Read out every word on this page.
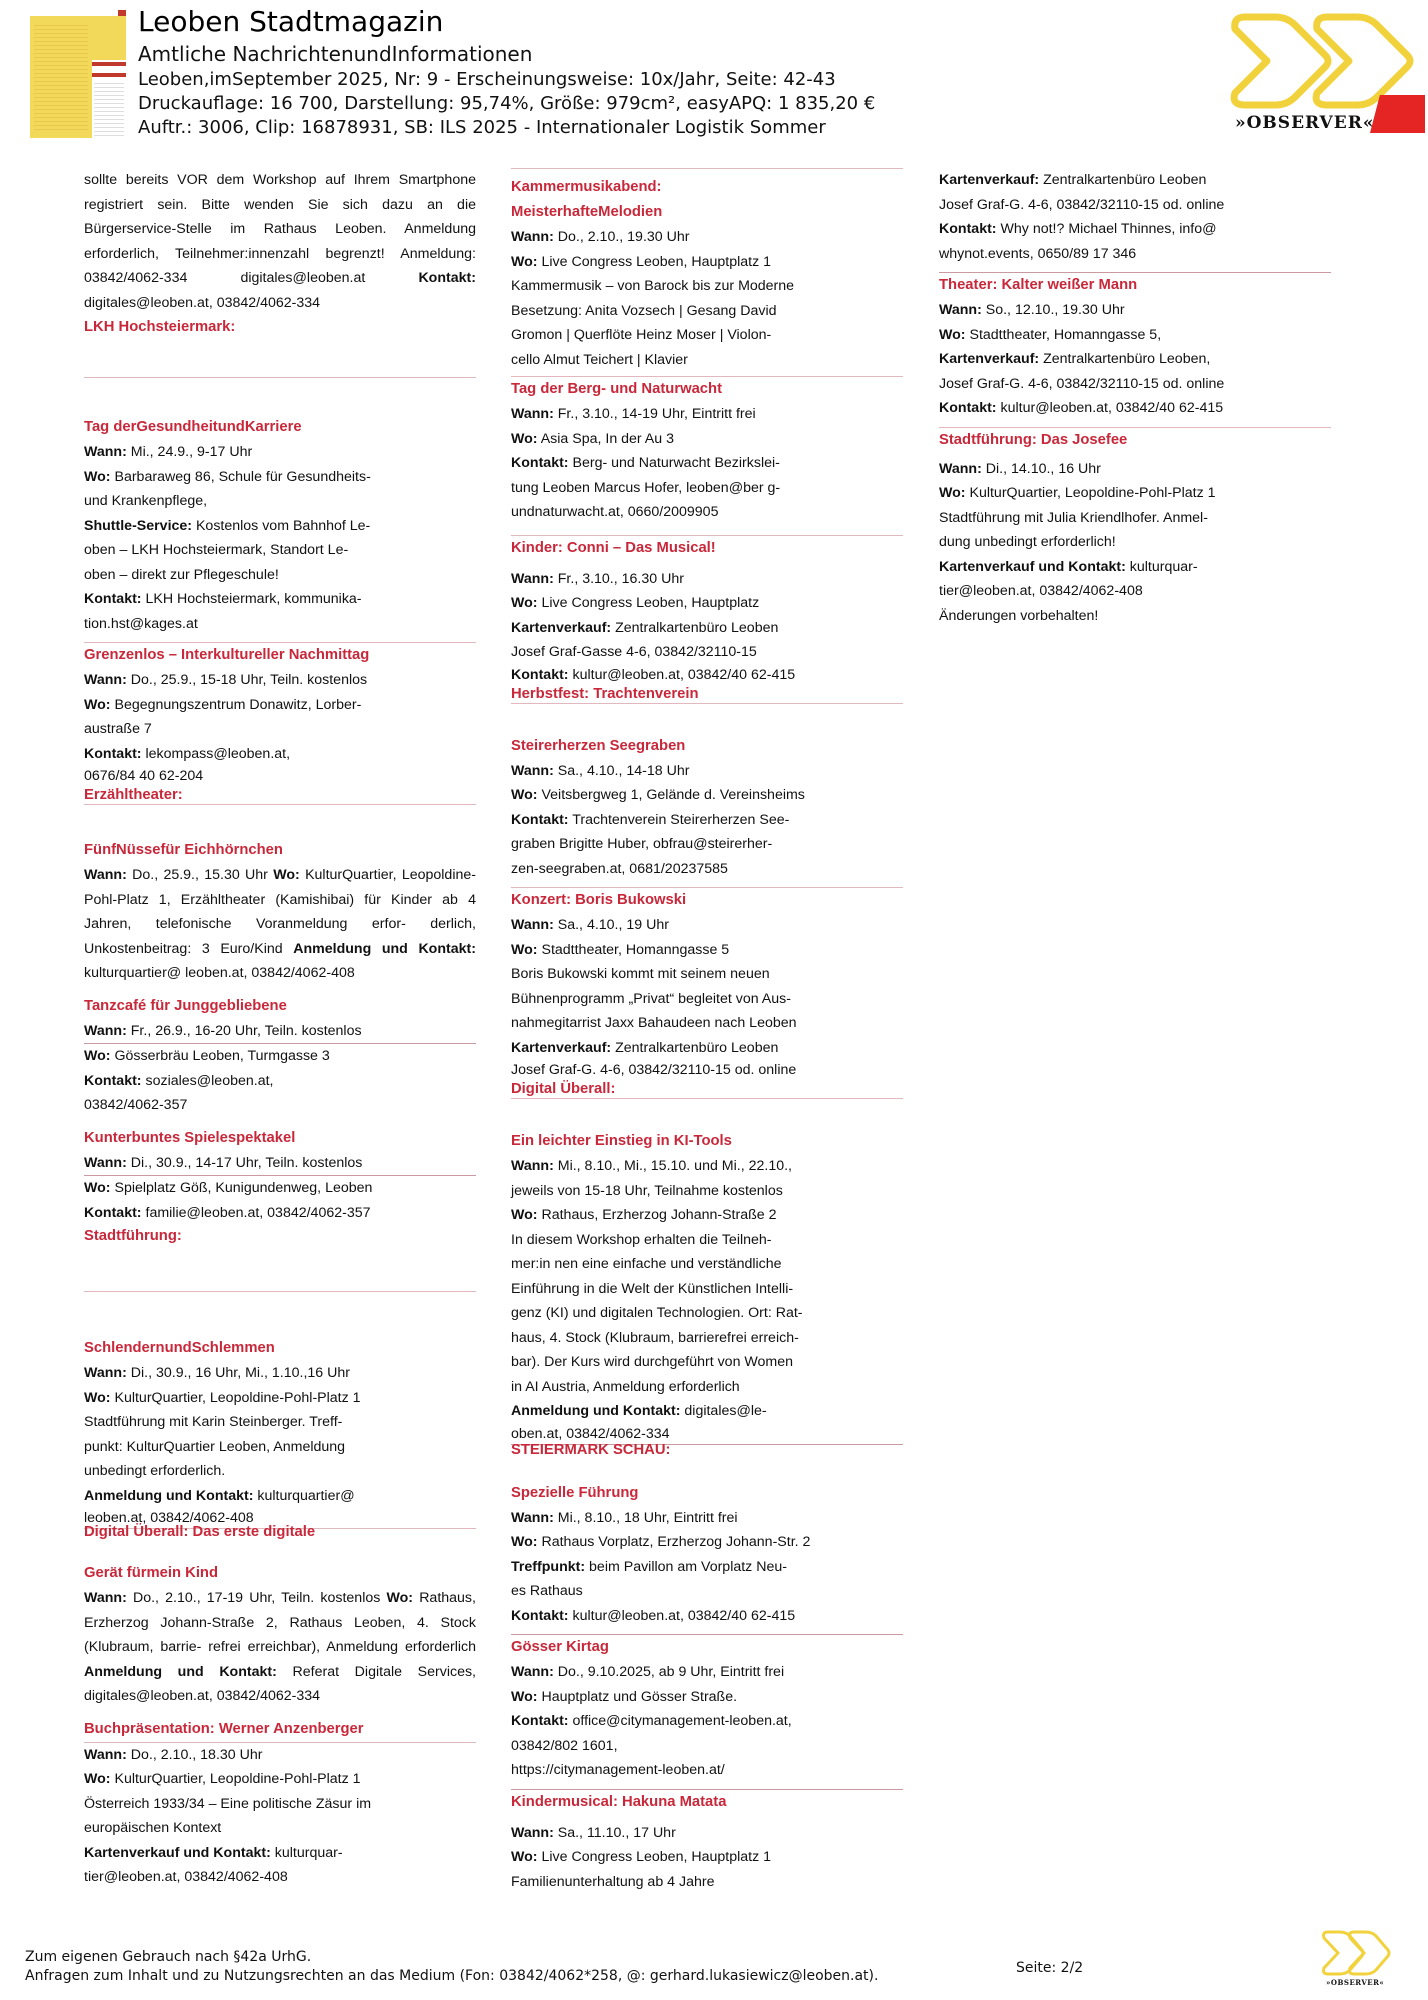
Leoben Stadtmagazin
Amtliche NachrichtenundInformationen
Leoben,imSeptember 2025, Nr: 9 - Erscheinungsweise: 10x/Jahr, Seite: 42-43
Druckauflage: 16 700, Darstellung: 95,74%, Größe: 979cm², easyAPQ: 1 835,20 €
Auftr.: 3006, Clip: 16878931, SB: ILS 2025 - Internationaler Logistik Sommer	»OBSERVER«
sollte bereits VOR dem Workshop auf Ihrem Smartphone registriert sein. Bitte wenden Sie sich dazu an die Bürgerservice-Stelle im Rathaus Leoben. Anmeldung erforderlich, Teilnehmer:innenzahl begrenzt! Anmeldung: 03842/4062-334 digitales@leoben.at	Kontakt:
digitales@leoben.at, 03842/4062-334
LKH Hochsteiermark:
Tag derGesundheitundKarriere
Wann: Mi., 24.9., 9-17 Uhr
Wo: Barbaraweg 86, Schule für Gesundheits-
und Krankenpflege,
Shuttle-Service: Kostenlos vom Bahnhof Le-
oben – LKH Hochsteiermark, Standort Le-
oben – direkt zur Pflegeschule!
Kontakt: LKH Hochsteiermark, kommunika-
tion.hst@kages.at
Grenzenlos – Interkultureller Nachmittag
Wann: Do., 25.9., 15-18 Uhr, Teiln. kostenlos
Wo: Begegnungszentrum Donawitz, Lorber-
austraße 7
Kontakt: lekompass@leoben.at,
0676/84 40 62-204
Erzähltheater:
FünfNüssefür Eichhörnchen
Wann: Do., 25.9., 15.30 Uhr Wo: KulturQuartier, Leopoldine-Pohl-Platz 1, Erzähltheater (Kamishibai) für Kinder ab 4 Jahren, telefonische Voranmeldung erfor- derlich, Unkostenbeitrag: 3 Euro/Kind Anmeldung und Kontakt: kulturquartier@ leoben.at, 03842/4062-408
Tanzcafé für Junggebliebene
Wann: Fr., 26.9., 16-20 Uhr, Teiln. kostenlos
Wo: Gösserbräu Leoben, Turmgasse 3
Kontakt: soziales@leoben.at,
03842/4062-357
Kunterbuntes Spielespektakel
Wann: Di., 30.9., 14-17 Uhr, Teiln. kostenlos
Wo: Spielplatz Göß, Kunigundenweg, Leoben
Kontakt: familie@leoben.at, 03842/4062-357
Stadtführung:
SchlendernundSchlemmen
Wann: Di., 30.9., 16 Uhr, Mi., 1.10.,16 Uhr
Wo: KulturQuartier, Leopoldine-Pohl-Platz 1
Stadtführung mit Karin Steinberger. Treff-
punkt: KulturQuartier Leoben, Anmeldung
unbedingt erforderlich.
Anmeldung und Kontakt: kulturquartier@
leoben.at, 03842/4062-408
Digital Überall: Das erste digitale
Gerät fürmein Kind
Wann: Do., 2.10., 17-19 Uhr, Teiln. kostenlos Wo: Rathaus, Erzherzog Johann-Straße 2, Rathaus Leoben, 4. Stock (Klubraum, barrie- refrei erreichbar), Anmeldung erforderlich Anmeldung und Kontakt: Referat Digitale Services, digitales@leoben.at, 03842/4062-334
Buchpräsentation: Werner Anzenberger
Wann: Do., 2.10., 18.30 Uhr
Wo: KulturQuartier, Leopoldine-Pohl-Platz 1
Österreich 1933/34 – Eine politische Zäsur im
europäischen Kontext
Kartenverkauf und Kontakt: kulturquar-
tier@leoben.at, 03842/4062-408
Kammermusikabend:
MeisterhafteMelodien
Wann: Do., 2.10., 19.30 Uhr
Wo: Live Congress Leoben, Hauptplatz 1
Kammermusik – von Barock bis zur Moderne
Besetzung: Anita Vozsech | Gesang David
Gromon | Querflöte Heinz Moser | Violon-
cello Almut Teichert | Klavier
Tag der Berg- und Naturwacht
Wann: Fr., 3.10., 14-19 Uhr, Eintritt frei
Wo: Asia Spa, In der Au 3
Kontakt: Berg- und Naturwacht Bezirkslei-
tung Leoben Marcus Hofer, leoben@ber g-
undnaturwacht.at, 0660/2009905
Kinder: Conni – Das Musical!
Wann: Fr., 3.10., 16.30 Uhr
Wo: Live Congress Leoben, Hauptplatz
Kartenverkauf: Zentralkartenbüro Leoben
Josef Graf-Gasse 4-6, 03842/32110-15
Kontakt: kultur@leoben.at, 03842/40 62-415
Herbstfest: Trachtenverein
Steirerherzen Seegraben
Wann: Sa., 4.10., 14-18 Uhr
Wo: Veitsbergweg 1, Gelände d. Vereinsheims
Kontakt: Trachtenverein Steirerherzen See-
graben Brigitte Huber, obfrau@steirerher-
zen-seegraben.at, 0681/20237585
Konzert: Boris Bukowski
Wann: Sa., 4.10., 19 Uhr
Wo: Stadttheater, Homanngasse 5
Boris Bukowski kommt mit seinem neuen
Bühnenprogramm „Privat“ begleitet von Aus-
nahmegitarrist Jaxx Bahaudeen nach Leoben
Kartenverkauf: Zentralkartenbüro Leoben
Josef Graf-G. 4-6, 03842/32110-15 od. online
Digital Überall:
Ein leichter Einstieg in KI-Tools
Wann: Mi., 8.10., Mi., 15.10. und Mi., 22.10.,
jeweils von 15-18 Uhr, Teilnahme kostenlos
Wo: Rathaus, Erzherzog Johann-Straße 2
In diesem Workshop erhalten die Teilneh-
mer:in nen eine einfache und verständliche
Einführung in die Welt der Künstlichen Intelli-
genz (KI) und digitalen Technologien. Ort: Rat-
haus, 4. Stock (Klubraum, barrierefrei erreich-
bar). Der Kurs wird durchgeführt von Women
in AI Austria, Anmeldung erforderlich
Anmeldung und Kontakt: digitales@le-
oben.at, 03842/4062-334
STEIERMARK SCHAU:
Spezielle Führung
Wann: Mi., 8.10., 18 Uhr, Eintritt frei
Wo: Rathaus Vorplatz, Erzherzog Johann-Str. 2
Treffpunkt: beim Pavillon am Vorplatz Neu-
es Rathaus
Kontakt: kultur@leoben.at, 03842/40 62-415
Gösser Kirtag
Wann: Do., 9.10.2025, ab 9 Uhr, Eintritt frei
Wo: Hauptplatz und Gösser Straße.
Kontakt: office@citymanagement-leoben.at,
03842/802 1601,
https://citymanagement-leoben.at/
Kindermusical: Hakuna Matata
Wann: Sa., 11.10., 17 Uhr
Wo: Live Congress Leoben, Hauptplatz 1
Familienunterhaltung ab 4 Jahre
Kartenverkauf: Zentralkartenbüro Leoben
Josef Graf-G. 4-6, 03842/32110-15 od. online
Kontakt: Why not!? Michael Thinnes, info@
whynot.events, 0650/89 17 346
Theater: Kalter weißer Mann
Wann: So., 12.10., 19.30 Uhr
Wo: Stadttheater, Homanngasse 5,
Kartenverkauf: Zentralkartenbüro Leoben,
Josef Graf-G. 4-6, 03842/32110-15 od. online
Kontakt: kultur@leoben.at, 03842/40 62-415
Stadtführung: Das Josefee
Wann: Di., 14.10., 16 Uhr
Wo: KulturQuartier, Leopoldine-Pohl-Platz 1
Stadtführung mit Julia Kriendlhofer. Anmel-
dung unbedingt erforderlich!
Kartenverkauf und Kontakt: kulturquar-
tier@leoben.at, 03842/4062-408
Änderungen vorbehalten!
Zum eigenen Gebrauch nach §42a UrhG.
Anfragen zum Inhalt und zu Nutzungsrechten an das Medium (Fon: 03842/4062*258, @: gerhard.lukasiewicz@leoben.at).	Seite: 2/2
»OBSERVER«
